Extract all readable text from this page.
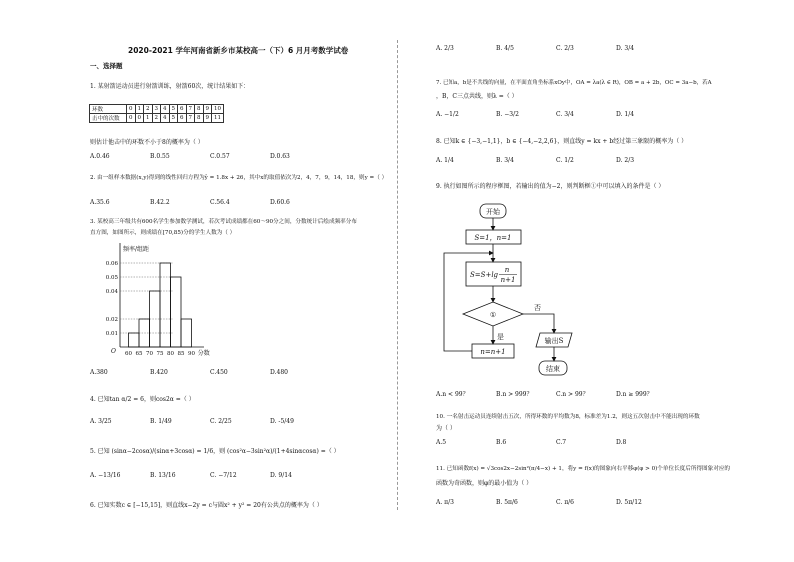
2020-2021 学年河南省新乡市某校高一（下）6 月月考数学试卷
一、选择题
1. 某射箭运动员进行射箭训练，射箭60次，统计结果如下：
环数	0	1	2	3	4	5	6	7	8	9	10
击中的次数	0	0	1	2	4	5	6	7	8	9	11
则估计他击中的环数不小于8的概率为（ ）
A.0.46	B.0.55	C.0.57	D.0.63
2. 由一组样本数据(x,y)得到的线性回归方程为ŷ = 1.8x + 26，其中x的取值依次为2，4，7，9，14，18，则y =（ ）
A.35.6	B.42.2	C.56.4	D.60.6
3. 某校高三年级共有600名学生参加数学测试，若次考试成绩都在60～90分之间，分数统计后绘成频率分布
直方图，如图所示，则成绩在[70,85)分的学生人数为（ ）
0.06
0.05
0.04
0.02
0.01
60 65 70 75 80 85 90 分数
频率/组距
O
A.380	B.420	C.450	D.480
4. 已知tan α/2 = 6，则cos2α =（ ）
A. 3/25	B. 1/49	C. 2/25	D. -5/49
5. 已知 (sinα−2cosα)/(sinα+3cosα) = 1/6，则 (cos²α−3sin²α)/(1+4sinαcosα) =（ ）
A. −13/16	B. 13/16	C. −7/12	D. 9/14
6. 已知实数c ∈ [−15,15]，则直线x−2y = c与圆x² + y² = 20有公共点的概率为（ ）
A. 2/3	B. 4/5	C. 2/3	D. 3/4
7. 已知a，b是不共线的向量，在平面直角坐标系xOy中，OA = λa(λ ∈ R)，OB = a + 2b，OC = 3a−b，若A
，B，C三点共线，则λ =（ ）
A. −1/2	B. −3/2	C. 3/4	D. 1/4
8. 已知k ∈ {−3,−1,1}，b ∈ {−4,−2,2,6}，则直线y = kx + b经过第三象限的概率为（ ）
A. 1/4	B. 3/4	C. 1/2	D. 2/3
9. 执行如图所示的程序框图，若输出的值为−2，则判断框①中可以填入的条件是（ ）
开始
S=1，n=1
S=S+lg
n
n+1
①
否
是
n=n+1
输出S
结束
A.n < 99？	B.n > 999？	C.n > 99？	D.n ≥ 999？
10. 一名射击运动员连续射击五次，所得环数的平均数为8，标准差为1.2，则这五次射击中不能出现的环数
为（ ）
A.5	B.6	C.7	D.8
11. 已知函数f(x) = √3cos2x−2sin²(π/4−x) + 1，将y = f(x)的图象向右平移φ(φ > 0)个单位长度后所得图象对应的
函数为奇函数，则φ的最小值为（ ）
A. π/3	B. 5π/6	C. π/6	D. 5π/12
